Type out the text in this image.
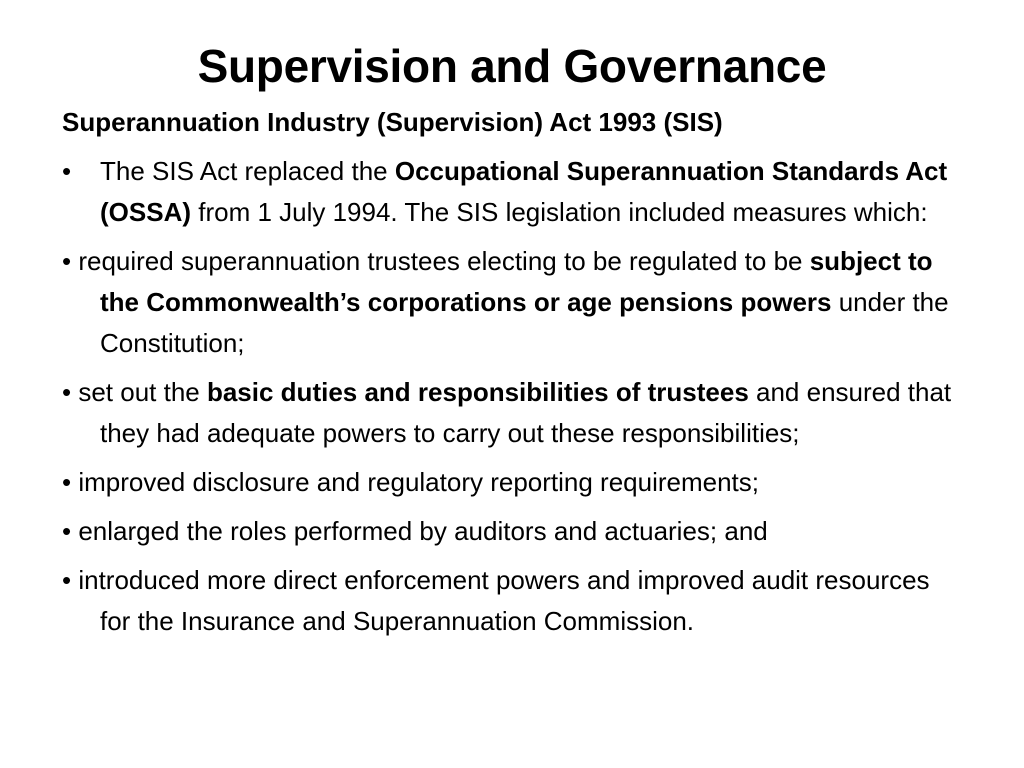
Supervision and Governance
Superannuation Industry (Supervision) Act 1993 (SIS)
• The SIS Act replaced the Occupational Superannuation Standards Act (OSSA) from 1 July 1994. The SIS legislation included measures which:
• required superannuation trustees electing to be regulated to be subject to the Commonwealth’s corporations or age pensions powers under the Constitution;
• set out the basic duties and responsibilities of trustees and ensured that they had adequate powers to carry out these responsibilities;
• improved disclosure and regulatory reporting requirements;
• enlarged the roles performed by auditors and actuaries; and
• introduced more direct enforcement powers and improved audit resources for the Insurance and Superannuation Commission.
